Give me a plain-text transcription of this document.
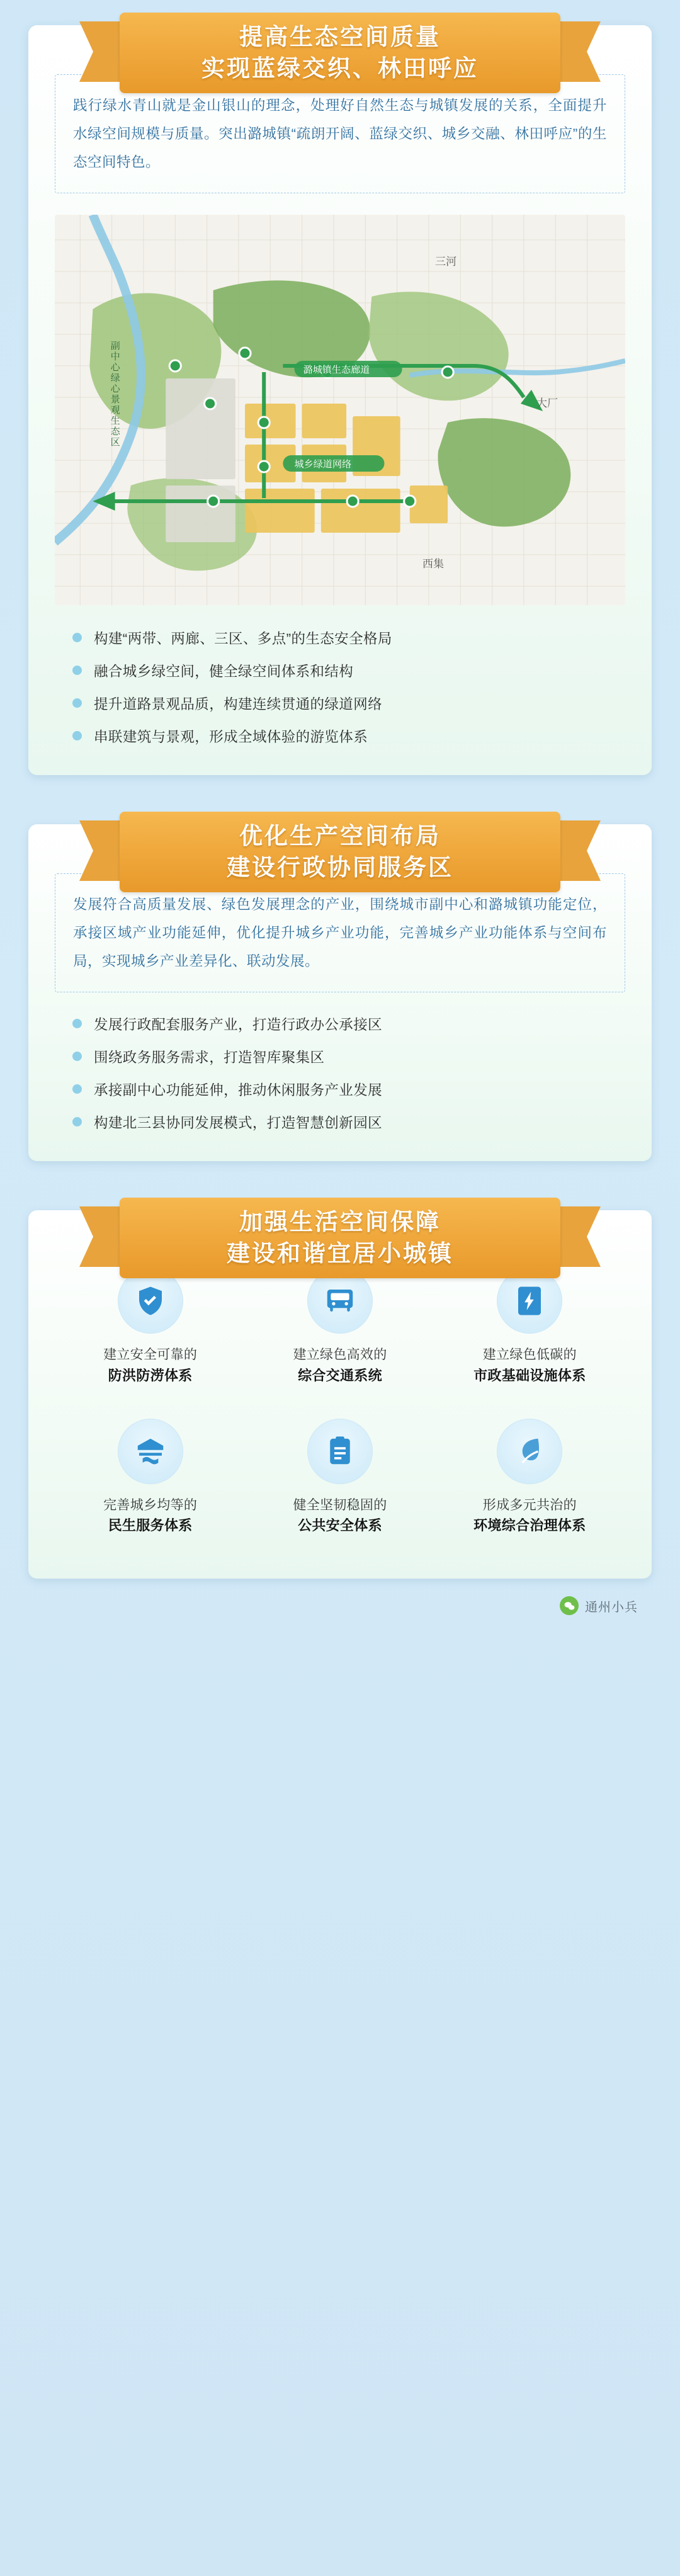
提高生态空间质量
实现蓝绿交织、林田呼应

践行绿水青山就是金山银山的理念，处理好自然生态与城镇发展的关系，全面提升水绿空间规模与质量。突出潞城镇“疏朗开阔、蓝绿交织、城乡交融、林田呼应”的生态空间特色。

三河
大厂
西集
潞城镇生态廊道
城乡绿道网络
副中心绿心景观生态区
构建“两带、两廊、三区、多点”的生态安全格局
融合城乡绿空间，健全绿空间体系和结构
提升道路景观品质，构建连续贯通的绿道网络
串联建筑与景观，形成全域体验的游览体系
优化生产空间布局
建设行政协同服务区

发展符合高质量发展、绿色发展理念的产业，围绕城市副中心和潞城镇功能定位，承接区域产业功能延伸，优化提升城乡产业功能，完善城乡产业功能体系与空间布局，实现城乡产业差异化、联动发展。

发展行政配套服务产业，打造行政办公承接区
围绕政务服务需求，打造智库聚集区
承接副中心功能延伸，推动休闲服务产业发展
构建北三县协同发展模式，打造智慧创新园区
加强生活空间保障
建设和谐宜居小城镇
建立安全可靠的
防洪防涝体系
建立绿色高效的
综合交通系统
建立绿色低碳的
市政基础设施体系
完善城乡均等的
民生服务体系
健全坚韧稳固的
公共安全体系
形成多元共治的
环境综合治理体系
通州小兵
